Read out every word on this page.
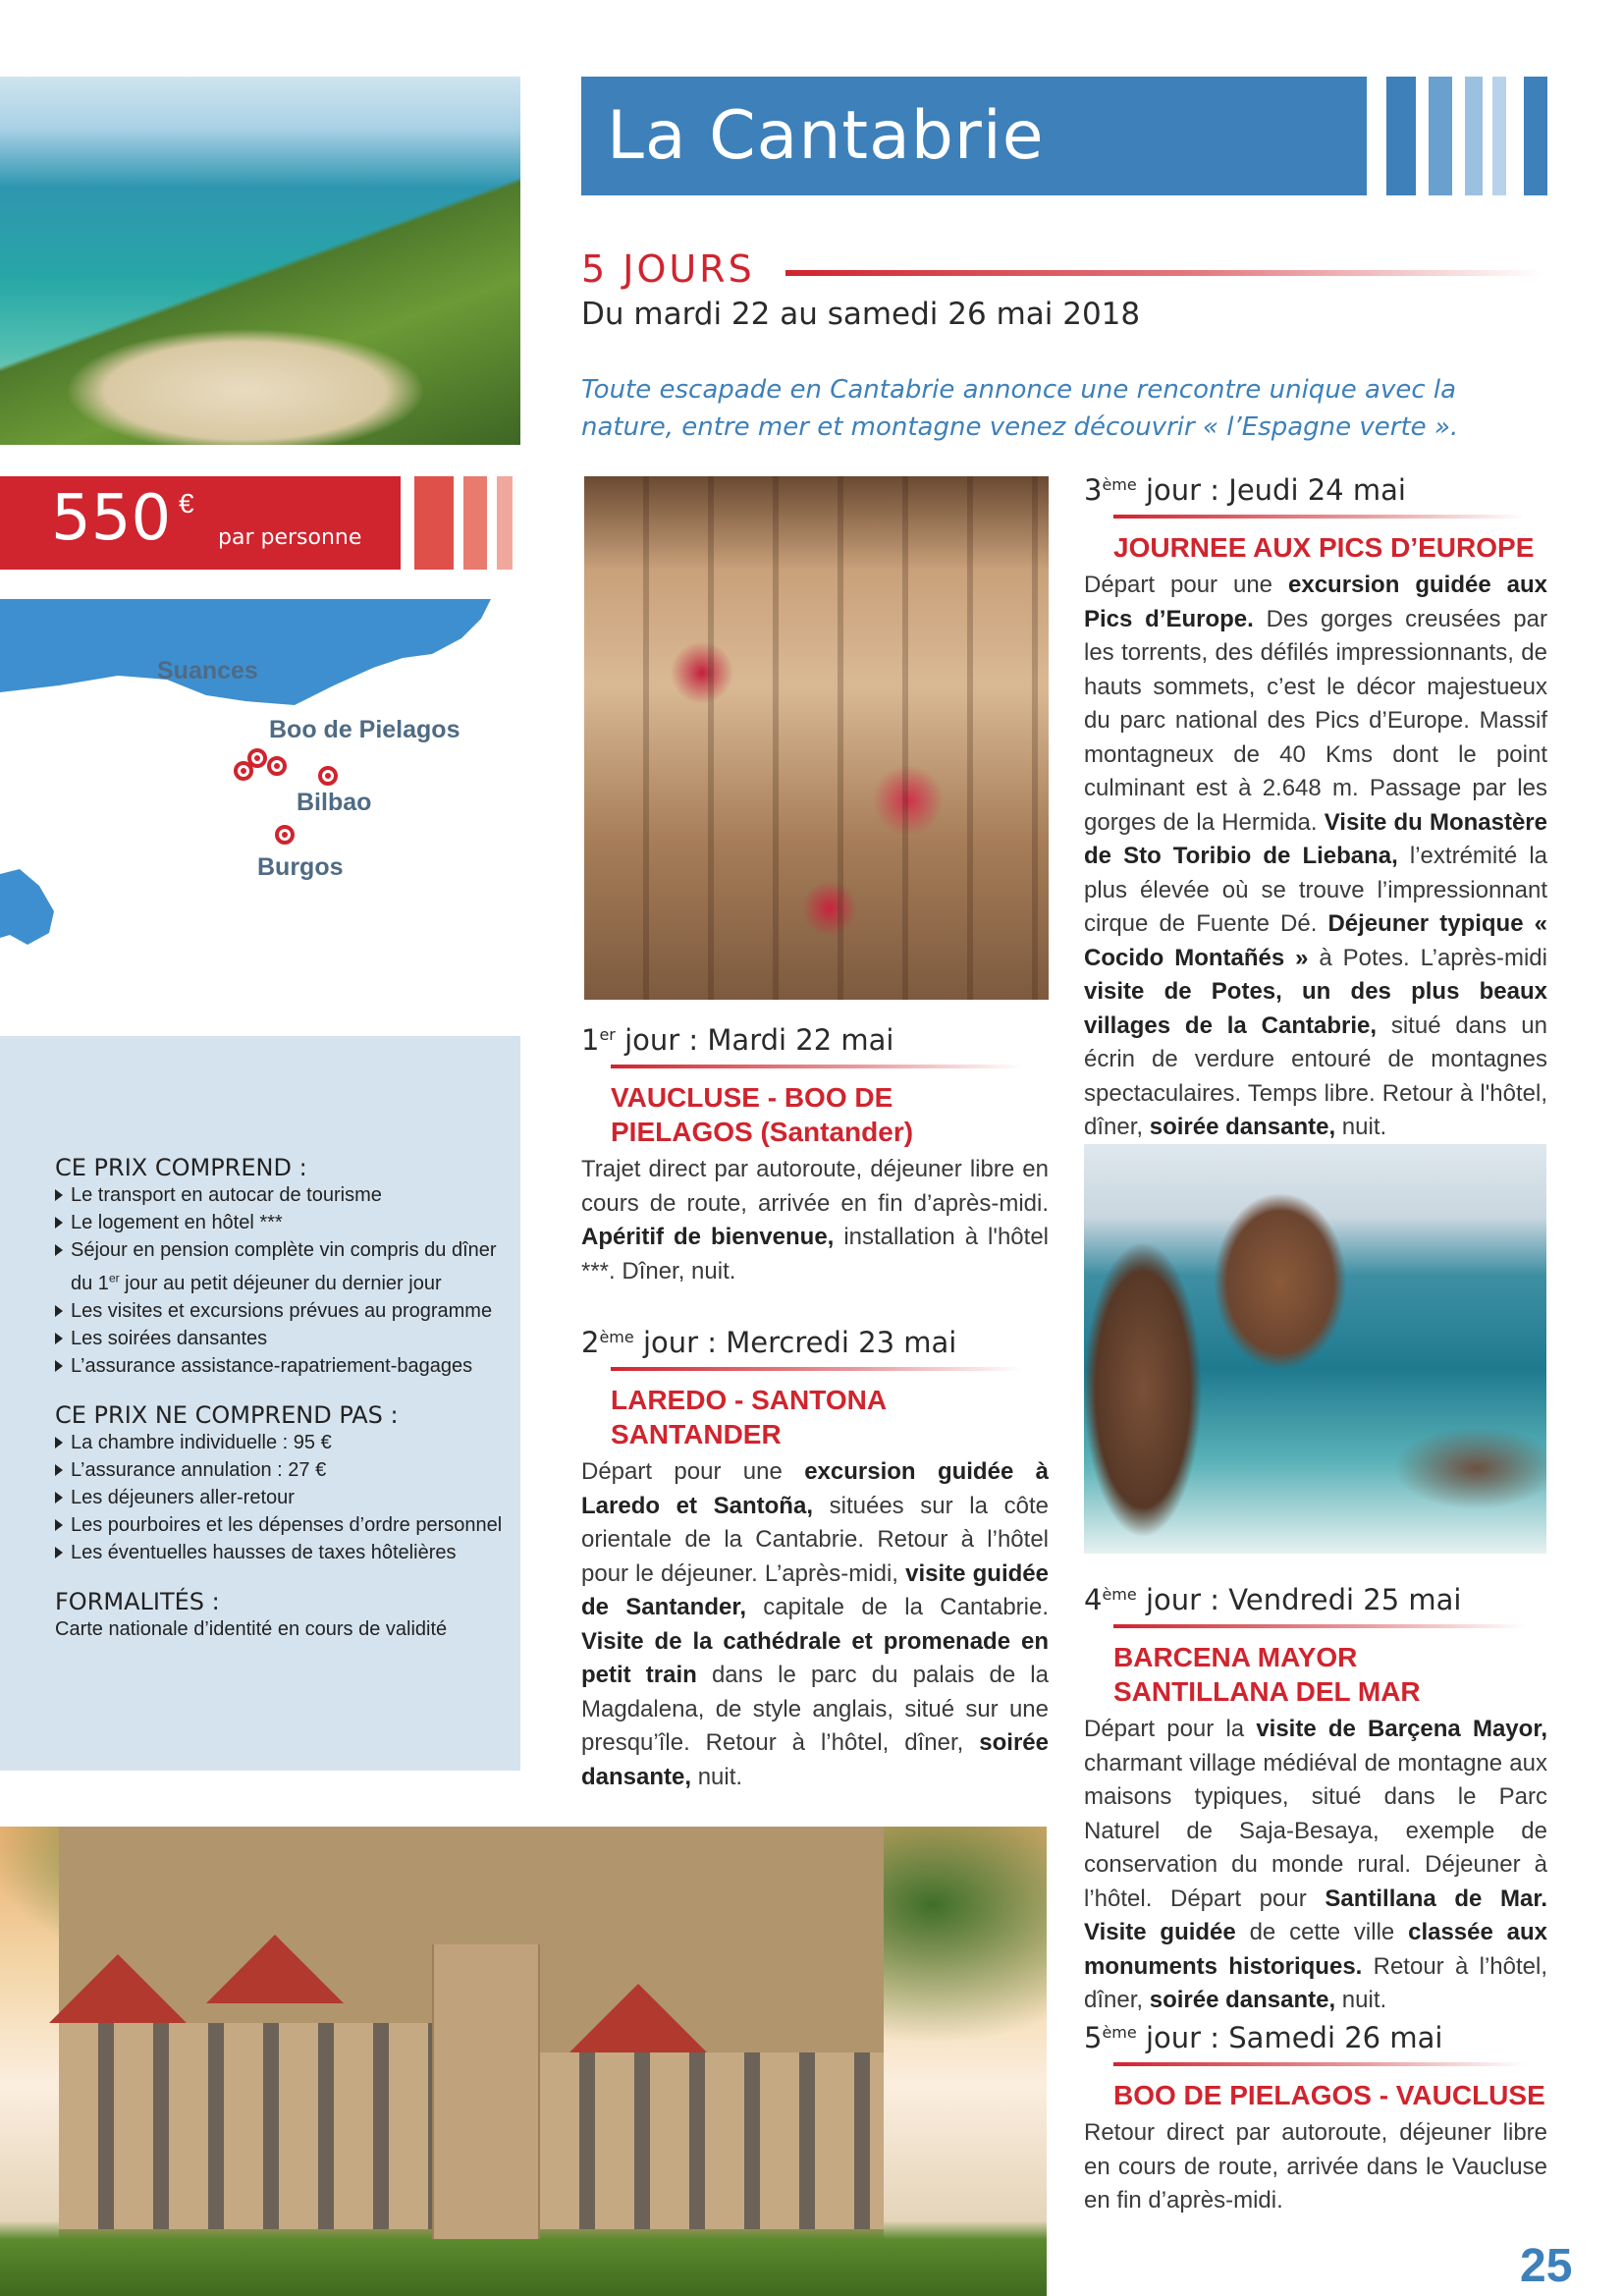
La Cantabrie
5 JOURS
Du mardi 22 au samedi 26 mai 2018
Toute escapade en Cantabrie annonce une rencontre unique avec la nature, entre mer et montagne venez découvrir « l’Espagne verte ».
550 €
par personne
Suances
Boo de Pielagos
Santillana
de Mar	Bilbao
Burgos
ESPAGNE
CE PRIX COMPREND :
Le transport en autocar de tourisme
Le logement en hôtel ***
Séjour en pension complète vin compris du dîner
du 1er jour au petit déjeuner du dernier jour
Les visites et excursions prévues au programme
Les soirées dansantes
L’assurance assistance-rapatriement-bagages
CE PRIX NE COMPREND PAS :
La chambre individuelle : 95 €
L’assurance annulation : 27 €
Les déjeuners aller-retour
Les pourboires et les dépenses d’ordre personnel
Les éventuelles hausses de taxes hôtelières
FORMALITÉS :
Carte nationale d’identité en cours de validité
1er jour : Mardi 22 mai
VAUCLUSE - BOO DE
PIELAGOS (Santander)
Trajet direct par autoroute, déjeuner libre en cours de route, arrivée en fin d’après-midi. Apéritif de bienvenue, installation à l'hôtel ***. Dîner, nuit.
2ème jour : Mercredi 23 mai
LAREDO - SANTONA
SANTANDER
Départ pour une excursion guidée à Laredo et Santoña, situées sur la côte orientale de la Cantabrie. Retour à l’hôtel pour le déjeuner. L’après-midi, visite guidée de Santander, capitale de la Cantabrie. Visite de la cathédrale et promenade en petit train dans le parc du palais de la Magdalena, de style anglais, situé sur une presqu’île. Retour à l’hôtel, dîner, soirée dansante, nuit.
3ème jour : Jeudi 24 mai
JOURNEE AUX PICS D’EUROPE
Départ pour une excursion guidée aux Pics d’Europe. Des gorges creusées par les torrents, des défilés impressionnants, de hauts sommets, c’est le décor majestueux du parc national des Pics d’Europe. Massif montagneux de 40 Kms dont le point culminant est à 2.648 m. Passage par les gorges de la Hermida. Visite du Monastère de Sto Toribio de Liebana, l’extrémité la plus élevée où se trouve l’impressionnant cirque de Fuente Dé. Déjeuner typique « Cocido Montañés » à Potes. L’après-midi visite de Potes, un des plus beaux villages de la Cantabrie, situé dans un écrin de verdure entouré de montagnes spectaculaires. Temps libre. Retour à l'hôtel, dîner, soirée dansante, nuit.
4ème jour : Vendredi 25 mai
BARCENA MAYOR
SANTILLANA DEL MAR
Départ pour la visite de Barçena Mayor, charmant village médiéval de montagne aux maisons typiques, situé dans le Parc Naturel de Saja-Besaya, exemple de conservation du monde rural. Déjeuner à l’hôtel. Départ pour Santillana de Mar. Visite guidée de cette ville classée aux monuments historiques. Retour à l’hôtel, dîner, soirée dansante, nuit.
5ème jour : Samedi 26 mai
BOO DE PIELAGOS - VAUCLUSE
Retour direct par autoroute, déjeuner libre en cours de route, arrivée dans le Vaucluse en fin d’après-midi.
25
